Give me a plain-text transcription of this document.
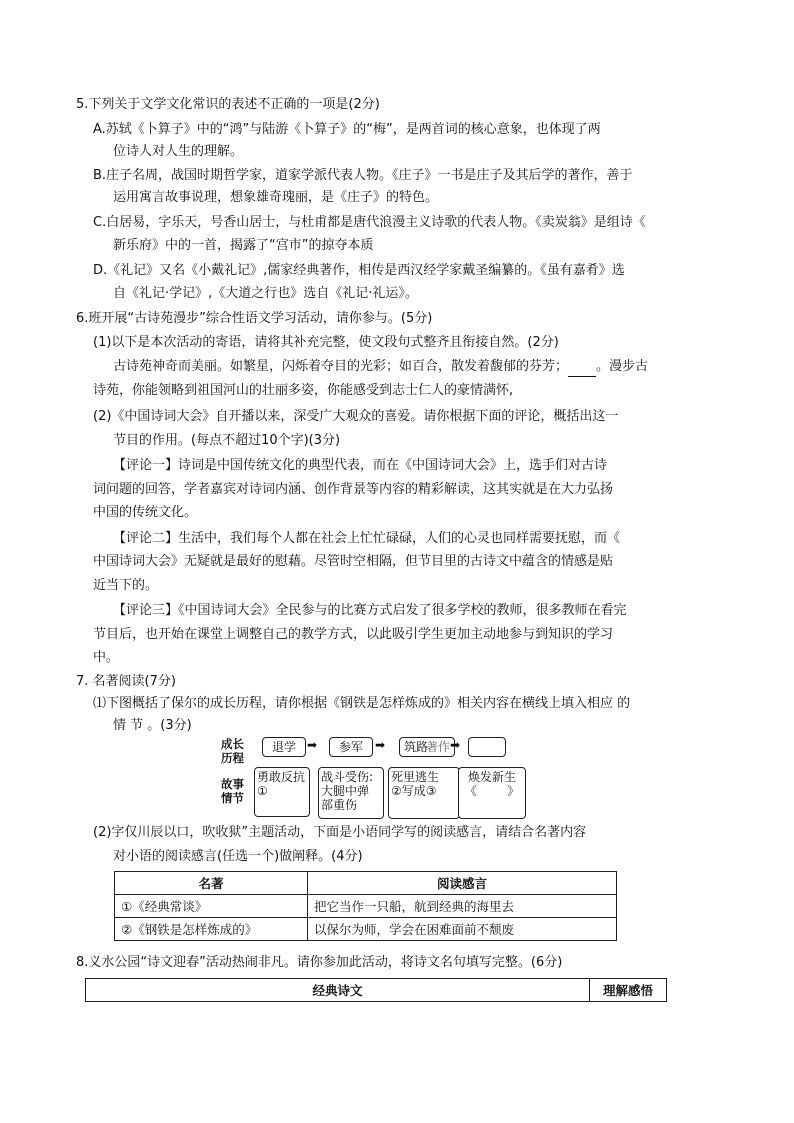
5.下列关于文学文化常识的表述不正确的一项是(2分)
A.苏轼《卜算子》中的“鸿”与陆游《卜算子》的“梅”，是两首词的核心意象，也体现了两
位诗人对人生的理解。
B.庄子名周，战国时期哲学家，道家学派代表人物。《庄子》一书是庄子及其后学的著作，善于
运用寓言故事说理，想象雄奇瑰丽，是《庄子》的特色。
C.白居易，字乐天，号香山居士，与杜甫都是唐代浪漫主义诗歌的代表人物。《卖炭翁》是组诗《
新乐府》中的一首，揭露了“宫市”的掠夺本质
D.《礼记》又名《小戴礼记》,儒家经典著作，相传是西汉经学家戴圣编纂的。《虽有嘉肴》选
自《礼记·学记》,《大道之行也》选自《礼记·礼运》。
6.班开展“古诗苑漫步”综合性语文学习活动，请你参与。(5分)
(1)以下是本次活动的寄语，请将其补充完整，使文段句式整齐且衔接自然。(2分)
古诗苑神奇而美丽。如繁星，闪烁着夺目的光彩；如百合，散发着馥郁的芬芳； 。漫步古
诗苑，你能领略到祖国河山的壮丽多姿，你能感受到志士仁人的豪情满怀,
(2)《中国诗词大会》自开播以来，深受广大观众的喜爱。请你根据下面的评论，概括出这一
节目的作用。(每点不超过10个字)(3分)
【评论一】诗词是中国传统文化的典型代表，而在《中国诗词大会》上，选手们对古诗
词问题的回答，学者嘉宾对诗词内涵、创作背景等内容的精彩解读，这其实就是在大力弘扬
中国的传统文化。
【评论二】生活中，我们每个人都在社会上忙忙碌碌，人们的心灵也同样需要抚慰，而《
中国诗词大会》无疑就是最好的慰藉。尽管时空相隔，但节目里的古诗文中蕴含的情感是贴
近当下的。
【评论三】《中国诗词大会》全民参与的比赛方式启发了很多学校的教师，很多教师在看完
节目后，也开始在课堂上调整自己的教学方式，以此吸引学生更加主动地参与到知识的学习
中。
7. 名著阅读(7分)
⑴下图概括了保尔的成长历程，请你根据《钢铁是怎样炼成的》相关内容在横线上填入相应 的
情 节 。(3分)
成长
历程
故事
情节
退学 ➡	参军	➡	筑路著作 ➡
勇敢反抗
①
战斗受伤:
大腿中弹
部重伤
死里逃生
②写成③
焕发新生
《        》
(2)字仅川辰以口，吹收狱”主题活动，下面是小语同学写的阅读感言，请结合名著内容
对小语的阅读感言(任选一个)做阐释。(4分)
名著	阅读感言
①《经典常谈》	把它当作一只船，航到经典的海里去
②《钢铁是怎样炼成的》	以保尔为师，学会在困难面前不颓废
8.义水公园“诗文迎春”活动热闹非凡。请你参加此活动，将诗文名句填写完整。(6分)
经典诗文	理解感悟
